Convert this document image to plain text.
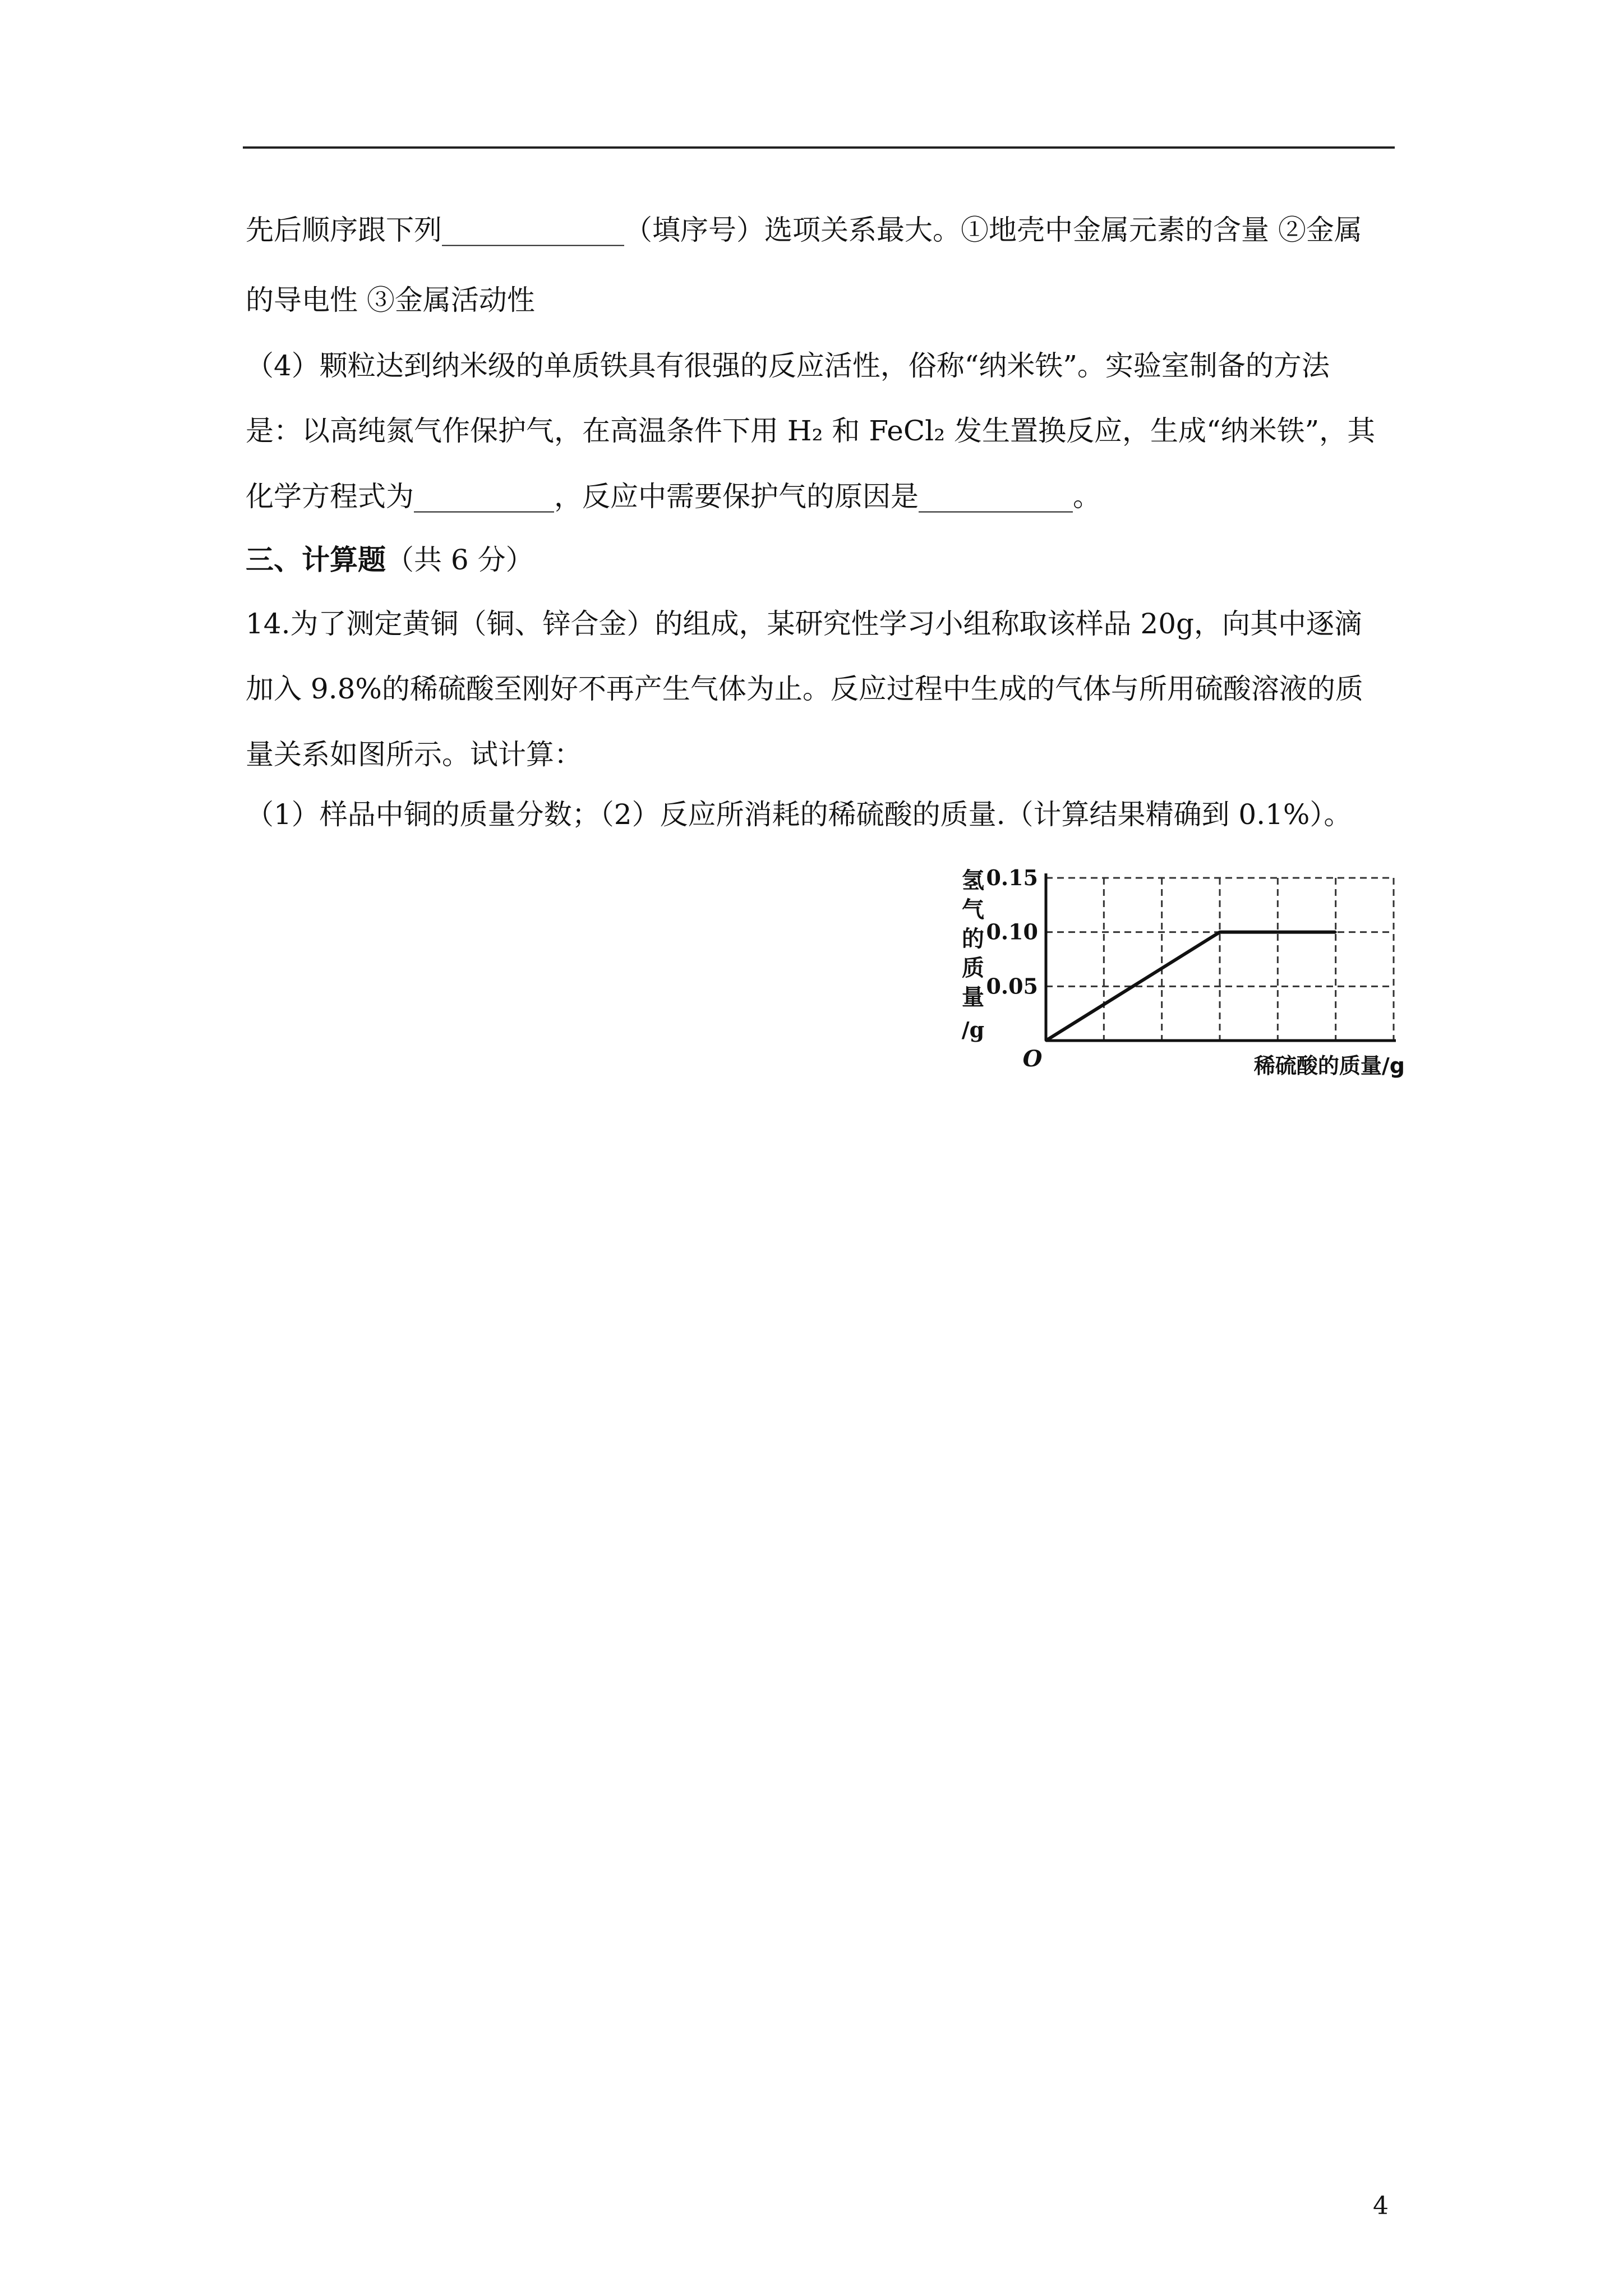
先后顺序跟下列_____________（填序号）选项关系最大。①地壳中金属元素的含量 ②金属
的导电性 ③金属活动性
（4）颗粒达到纳米级的单质铁具有很强的反应活性，俗称“纳米铁”。实验室制备的方法
是：以高纯氮气作保护气，在高温条件下用 H₂ 和 FeCl₂ 发生置换反应，生成“纳米铁”，其
化学方程式为__________，反应中需要保护气的原因是___________。
三、计算题（共 6 分）
14.为了测定黄铜（铜、锌合金）的组成，某研究性学习小组称取该样品 20g，向其中逐滴
加入 9.8%的稀硫酸至刚好不再产生气体为止。反应过程中生成的气体与所用硫酸溶液的质
量关系如图所示。试计算：
（1）样品中铜的质量分数；（2）反应所消耗的稀硫酸的质量.（计算结果精确到 0.1%）。
0.05
0.10
0.15
O
氢
气
的
质
量
/g
稀硫酸的质量/g
4
